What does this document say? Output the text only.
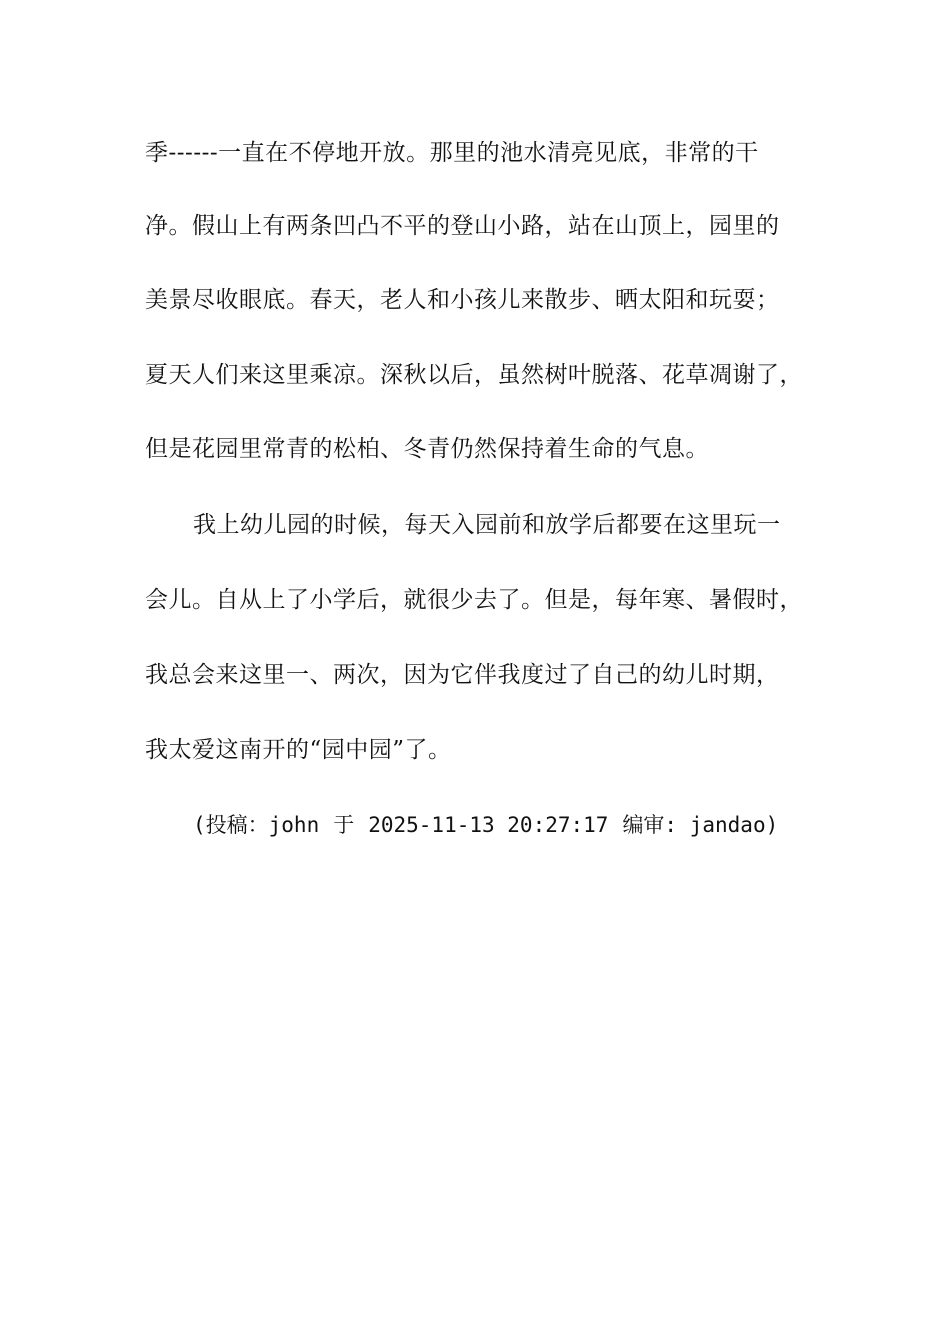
季------一直在不停地开放。那里的池水清亮见底，非常的干
净。假山上有两条凹凸不平的登山小路，站在山顶上，园里的
美景尽收眼底。春天，老人和小孩儿来散步、晒太阳和玩耍；
夏天人们来这里乘凉。深秋以后，虽然树叶脱落、花草凋谢了，
但是花园里常青的松柏、冬青仍然保持着生命的气息。
我上幼儿园的时候，每天入园前和放学后都要在这里玩一
会儿。自从上了小学后，就很少去了。但是，每年寒、暑假时，
我总会来这里一、两次，因为它伴我度过了自己的幼儿时期，
我太爱这南开的“园中园”了。
(投稿：john 于 2025-11-13 20:27:17 编审: jandao)
